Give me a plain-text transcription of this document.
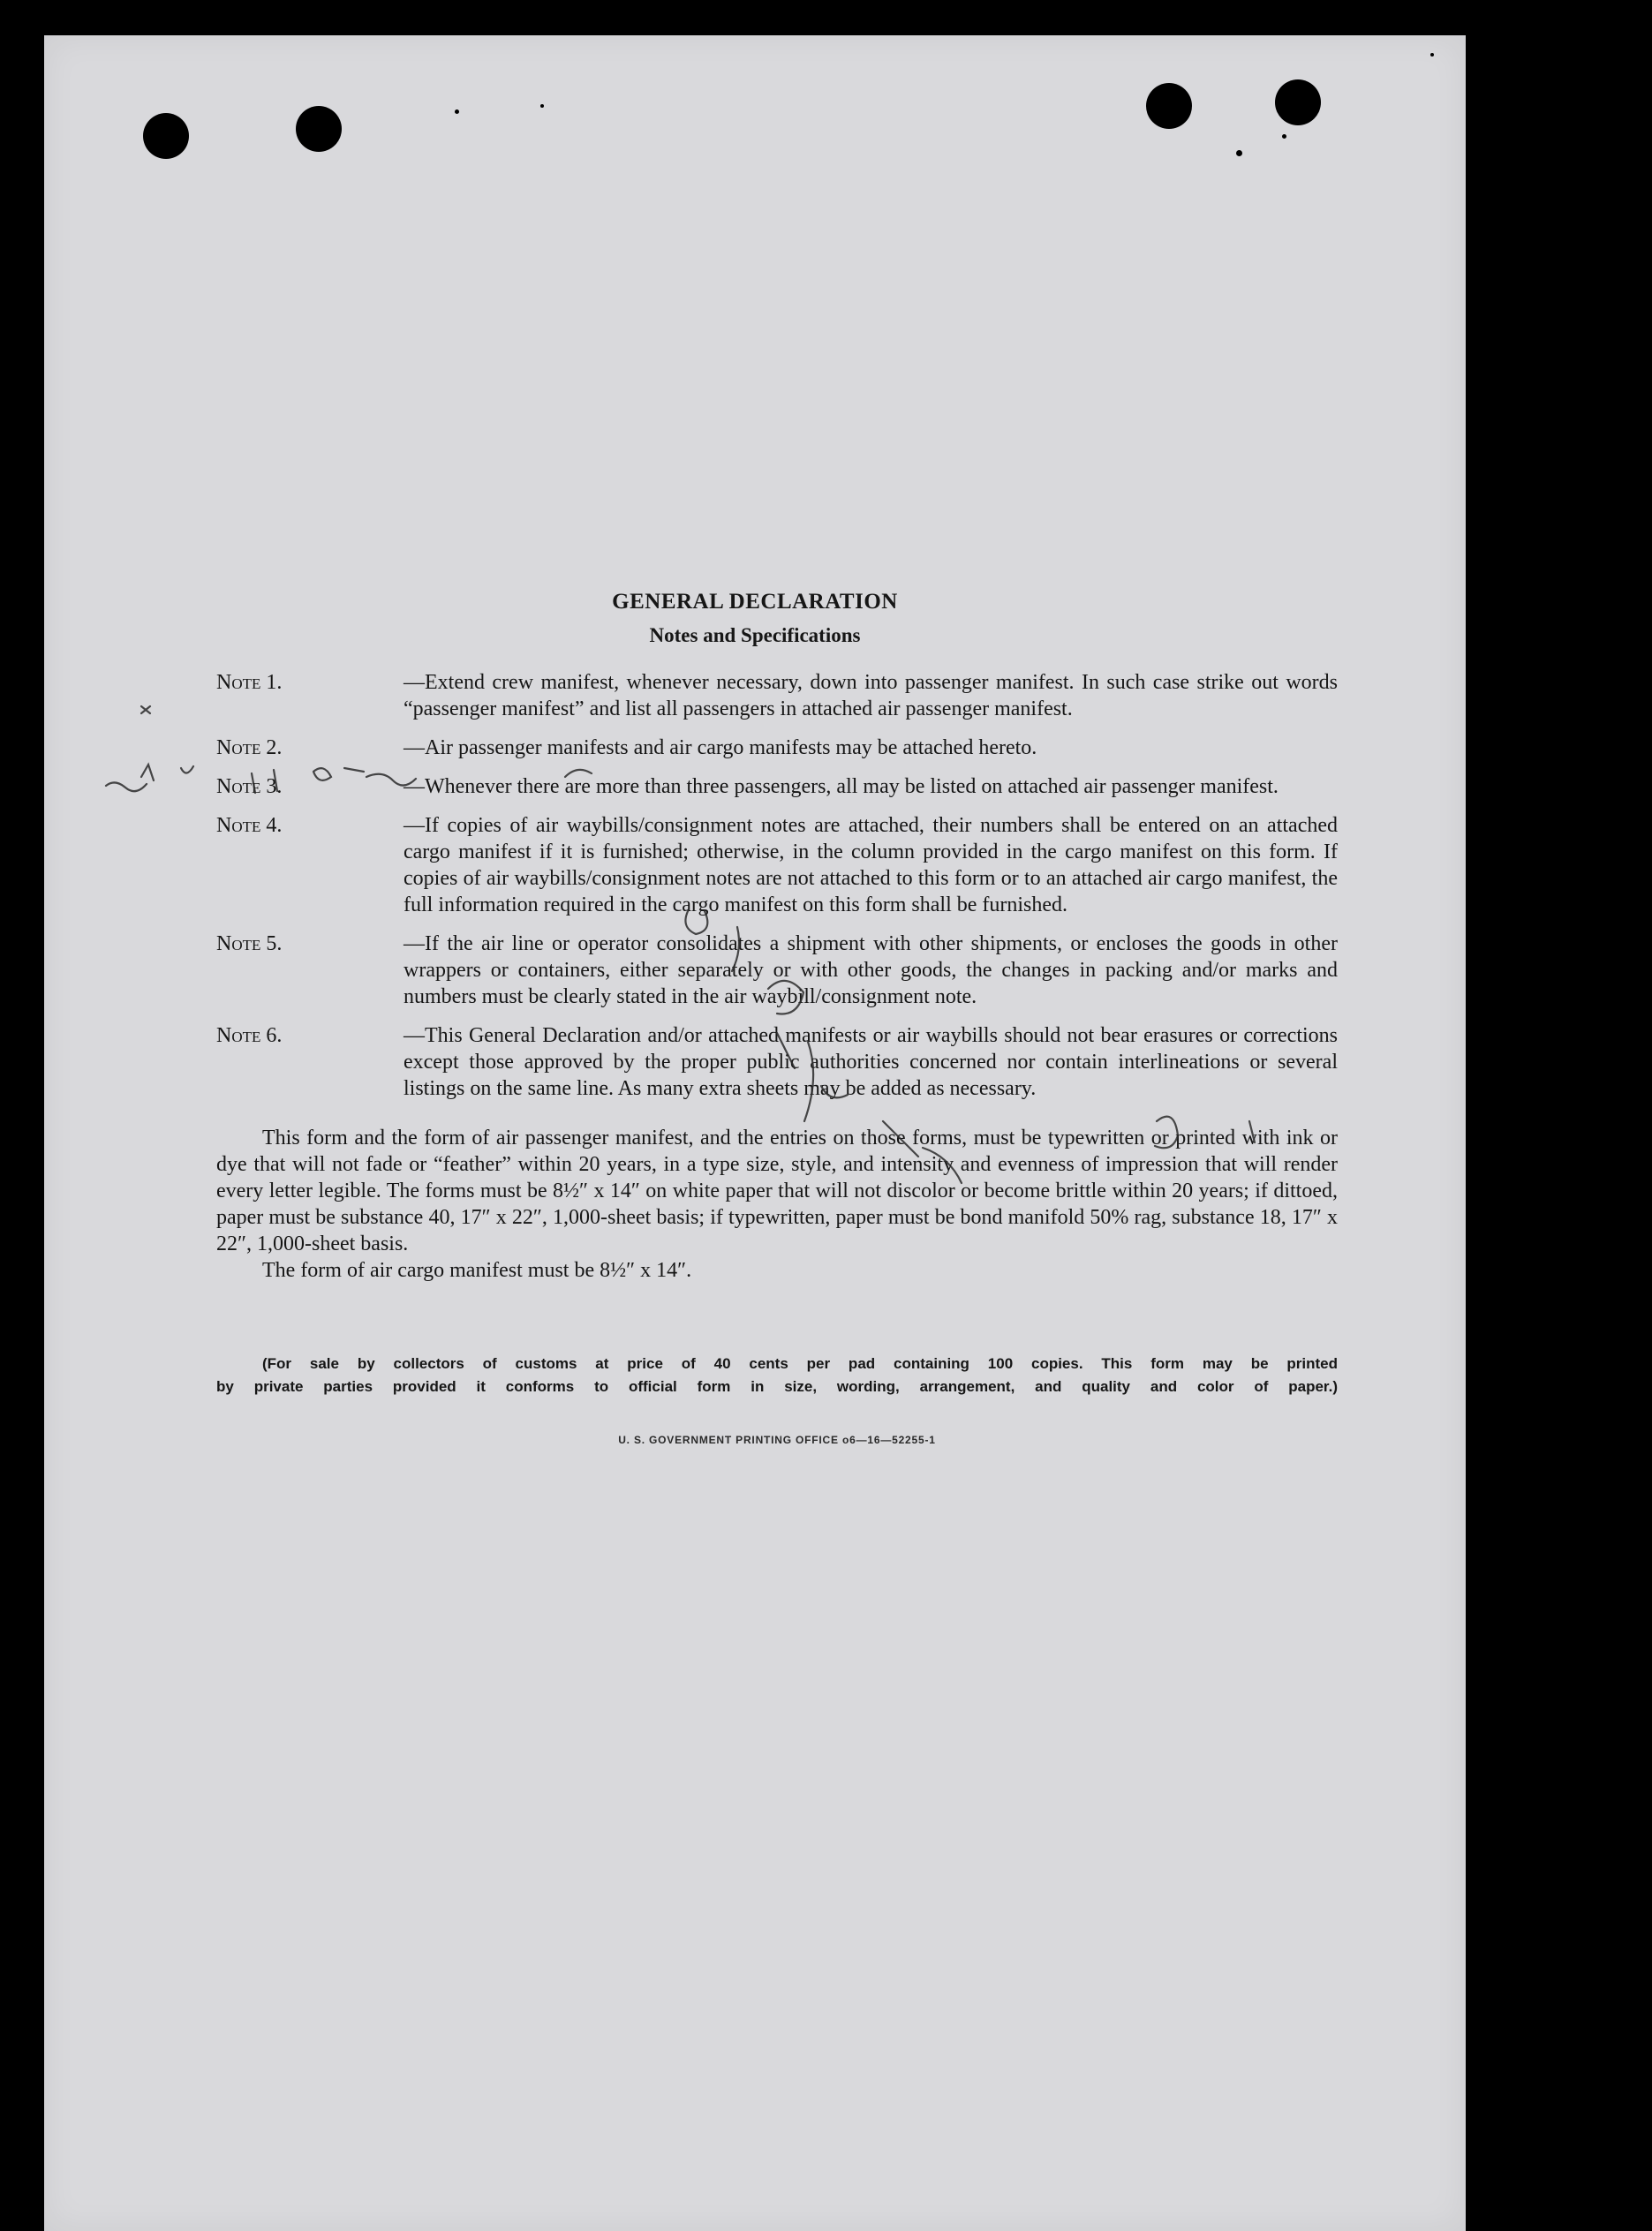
GENERAL DECLARATION

Notes and Specifications

Note 1.	—Extend crew manifest, whenever necessary, down into passenger manifest. In such case strike out words “passenger manifest” and list all passengers in attached air passenger manifest.
Note 2.	—Air passenger manifests and air cargo manifests may be attached hereto.
Note 3.	—Whenever there are more than three passengers, all may be listed on attached air passenger manifest.
Note 4.	—If copies of air waybills/consignment notes are attached, their numbers shall be entered on an attached cargo manifest if it is furnished; otherwise, in the column provided in the cargo manifest on this form. If copies of air waybills/consignment notes are not attached to this form or to an attached air cargo manifest, the full information required in the cargo manifest on this form shall be furnished.
Note 5.	—If the air line or operator consolidates a shipment with other shipments, or encloses the goods in other wrappers or containers, either separately or with other goods, the changes in packing and/or marks and numbers must be clearly stated in the air waybill/consignment note.
Note 6.	—This General Declaration and/or attached manifests or air waybills should not bear erasures or corrections except those approved by the proper public authorities concerned nor contain interlineations or several listings on the same line. As many extra sheets may be added as necessary.

This form and the form of air passenger manifest, and the entries on those forms, must be typewritten or printed with ink or dye that will not fade or “feather” within 20 years, in a type size, style, and intensity and evenness of impression that will render every letter legible. The forms must be 8½″ x 14″ on white paper that will not discolor or become brittle within 20 years; if dittoed, paper must be substance 40, 17″ x 22″, 1,000-sheet basis; if typewritten, paper must be bond manifold 50% rag, substance 18, 17″ x 22″, 1,000-sheet basis.

The form of air cargo manifest must be 8½″ x 14″.

(For sale by collectors of customs at price of 40 cents per pad containing 100 copies. This form may be printed
by private parties provided it conforms to official form in size, wording, arrangement, and quality and color of paper.)
U. S. GOVERNMENT PRINTING OFFICE o6—16—52255-1
